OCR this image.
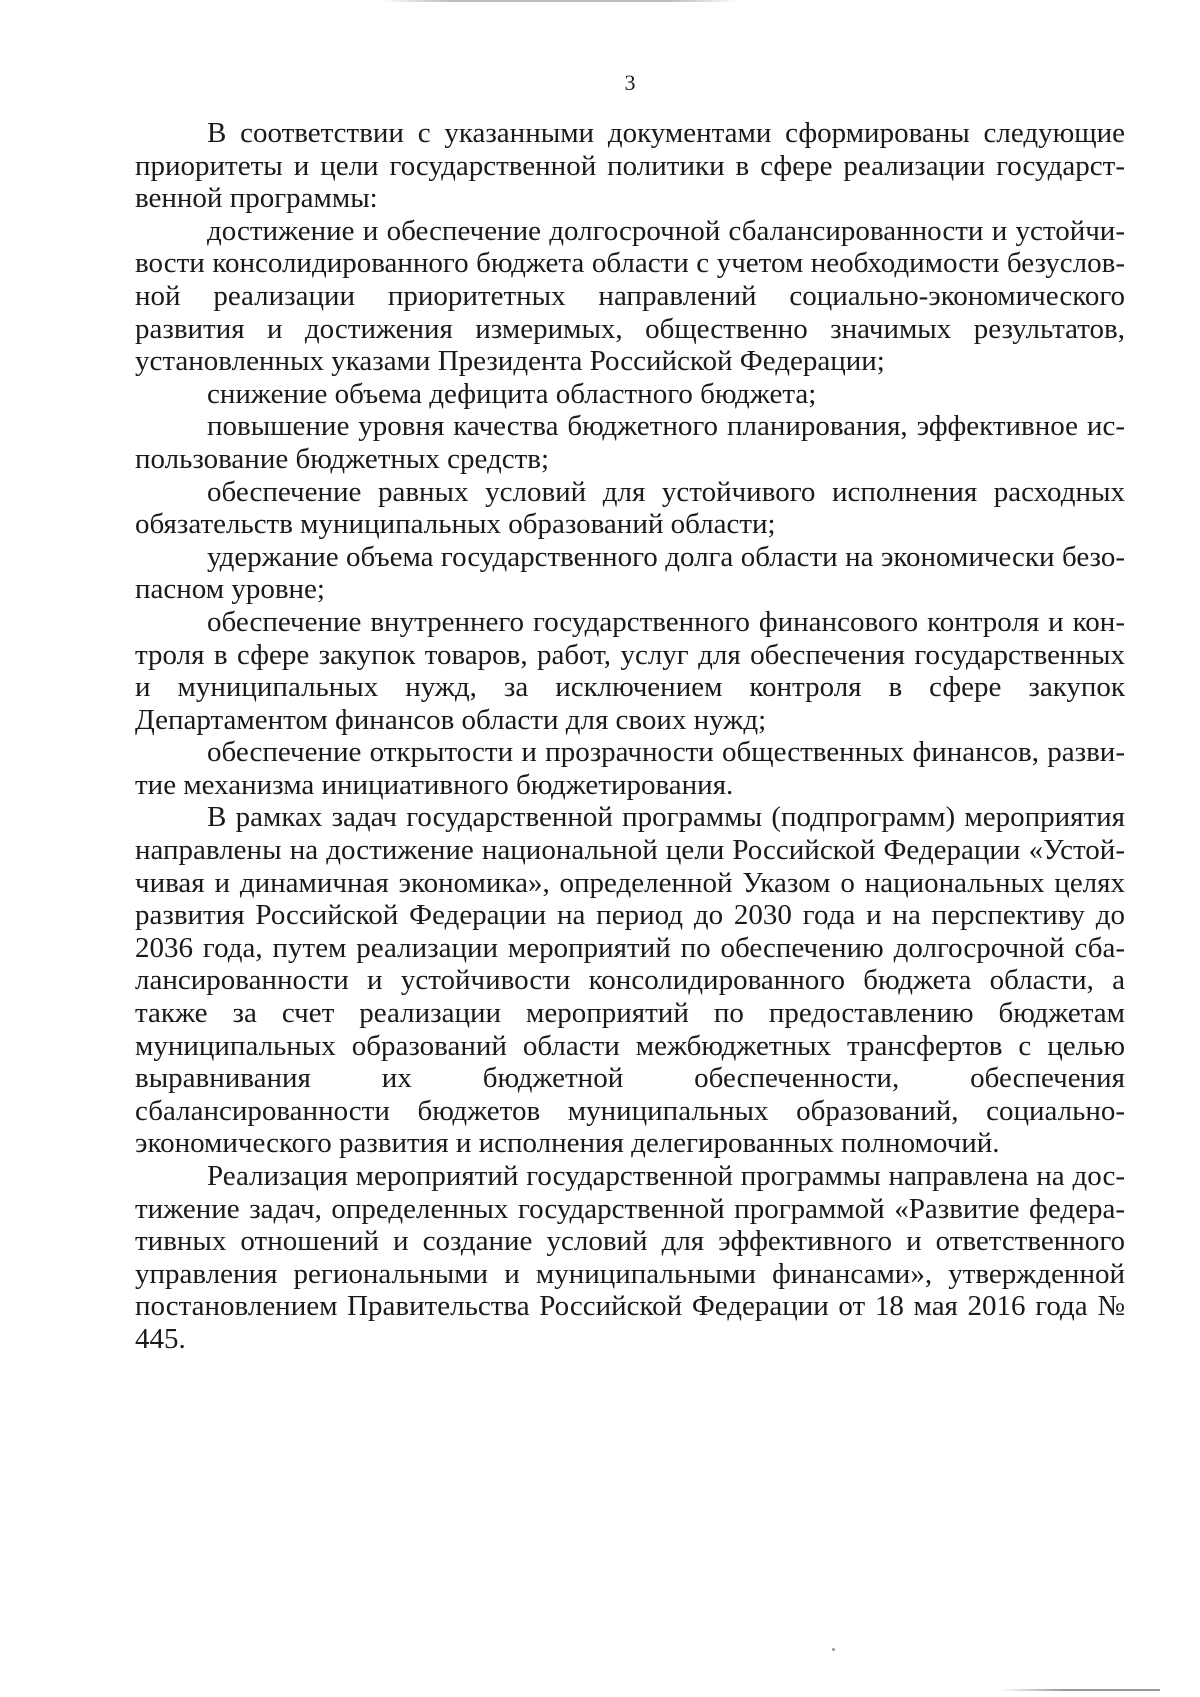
3

В соответствии с указанными документами сформированы следующие приоритеты и цели государственной политики в сфере реализации государственной программы:

достижение и обеспечение долгосрочной сбалансированности и устойчивости консолидированного бюджета области с учетом необходимости безусловной реализации приоритетных направлений социально-экономического развития и достижения измеримых, общественно значимых результатов, установленных указами Президента Российской Федерации;

снижение объема дефицита областного бюджета;

повышение уровня качества бюджетного планирования, эффективное использование бюджетных средств;

обеспечение равных условий для устойчивого исполнения расходных обязательств муниципальных образований области;

удержание объема государственного долга области на экономически безопасном уровне;

обеспечение внутреннего государственного финансового контроля и контроля в сфере закупок товаров, работ, услуг для обеспечения государственных и муниципальных нужд, за исключением контроля в сфере закупок Департаментом финансов области для своих нужд;

обеспечение открытости и прозрачности общественных финансов, развитие механизма инициативного бюджетирования.

В рамках задач государственной программы (подпрограмм) мероприятия направлены на достижение национальной цели Российской Федерации «Устойчивая и динамичная экономика», определенной Указом о национальных целях развития Российской Федерации на период до 2030 года и на перспективу до 2036 года, путем реализации мероприятий по обеспечению долгосрочной сбалансированности и устойчивости консолидированного бюджета области, а также за счет реализации мероприятий по предоставлению бюджетам муниципальных образований области межбюджетных трансфертов с целью выравнивания их бюджетной обеспеченности, обеспечения сбалансированности бюджетов муниципальных образований, социально-экономического развития и исполнения делегированных полномочий.

Реализация мероприятий государственной программы направлена на достижение задач, определенных государственной программой «Развитие федеративных отношений и создание условий для эффективного и ответственного управления региональными и муниципальными финансами», утвержденной постановлением Правительства Российской Федерации от 18 мая 2016 года № 445.
